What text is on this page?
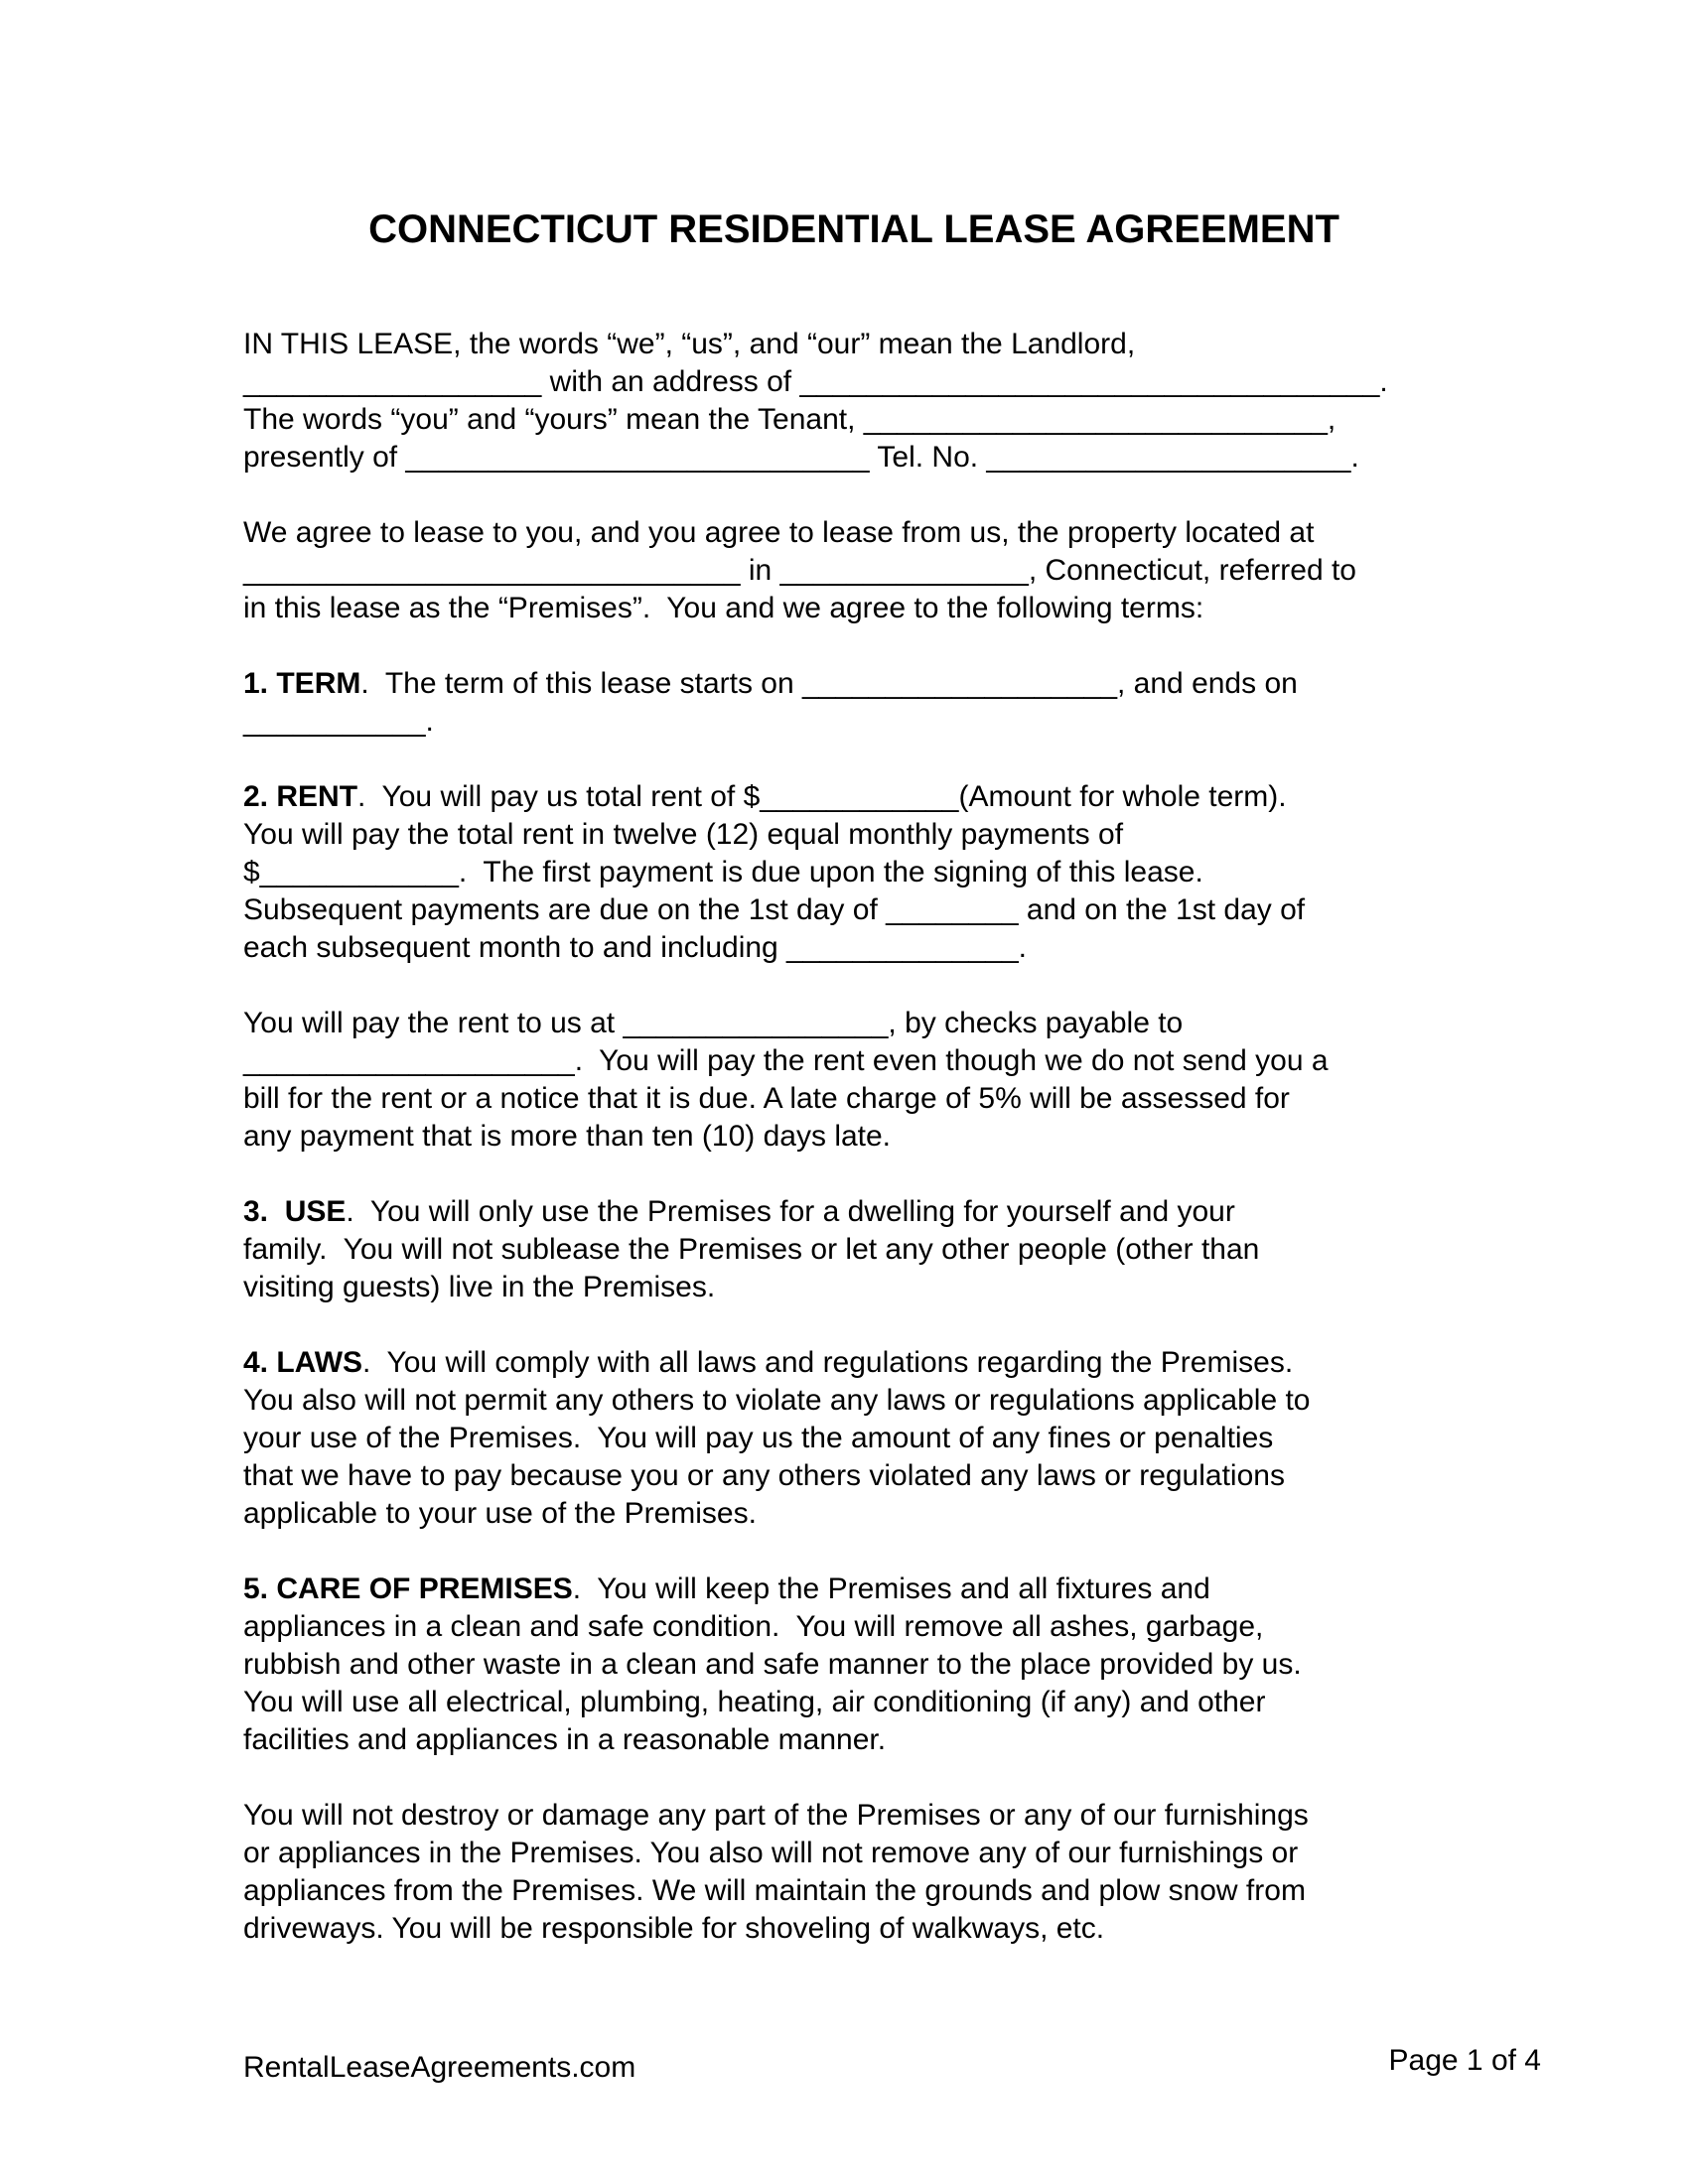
CONNECTICUT RESIDENTIAL LEASE AGREEMENT

IN THIS LEASE, the words “we”, “us”, and “our” mean the Landlord,
__________________ with an address of ___________________________________.
The words “you” and “yours” mean the Tenant, ____________________________,
presently of ____________________________ Tel. No. ______________________.

We agree to lease to you, and you agree to lease from us, the property located at
______________________________ in _______________, Connecticut, referred to
in this lease as the “Premises”.  You and we agree to the following terms:

1. TERM.  The term of this lease starts on ___________________, and ends on
___________.

2. RENT.  You will pay us total rent of $____________(Amount for whole term).
You will pay the total rent in twelve (12) equal monthly payments of
$____________.  The first payment is due upon the signing of this lease.
Subsequent payments are due on the 1st day of ________ and on the 1st day of
each subsequent month to and including ______________.

You will pay the rent to us at ________________, by checks payable to
____________________.  You will pay the rent even though we do not send you a
bill for the rent or a notice that it is due. A late charge of 5% will be assessed for
any payment that is more than ten (10) days late.

3.  USE.  You will only use the Premises for a dwelling for yourself and your
family.  You will not sublease the Premises or let any other people (other than
visiting guests) live in the Premises.

4. LAWS.  You will comply with all laws and regulations regarding the Premises.
You also will not permit any others to violate any laws or regulations applicable to
your use of the Premises.  You will pay us the amount of any fines or penalties
that we have to pay because you or any others violated any laws or regulations
applicable to your use of the Premises.

5. CARE OF PREMISES.  You will keep the Premises and all fixtures and
appliances in a clean and safe condition.  You will remove all ashes, garbage,
rubbish and other waste in a clean and safe manner to the place provided by us.
You will use all electrical, plumbing, heating, air conditioning (if any) and other
facilities and appliances in a reasonable manner.

You will not destroy or damage any part of the Premises or any of our furnishings
or appliances in the Premises. You also will not remove any of our furnishings or
appliances from the Premises. We will maintain the grounds and plow snow from
driveways. You will be responsible for shoveling of walkways, etc.

RentalLeaseAgreements.com	Page 1 of 4
